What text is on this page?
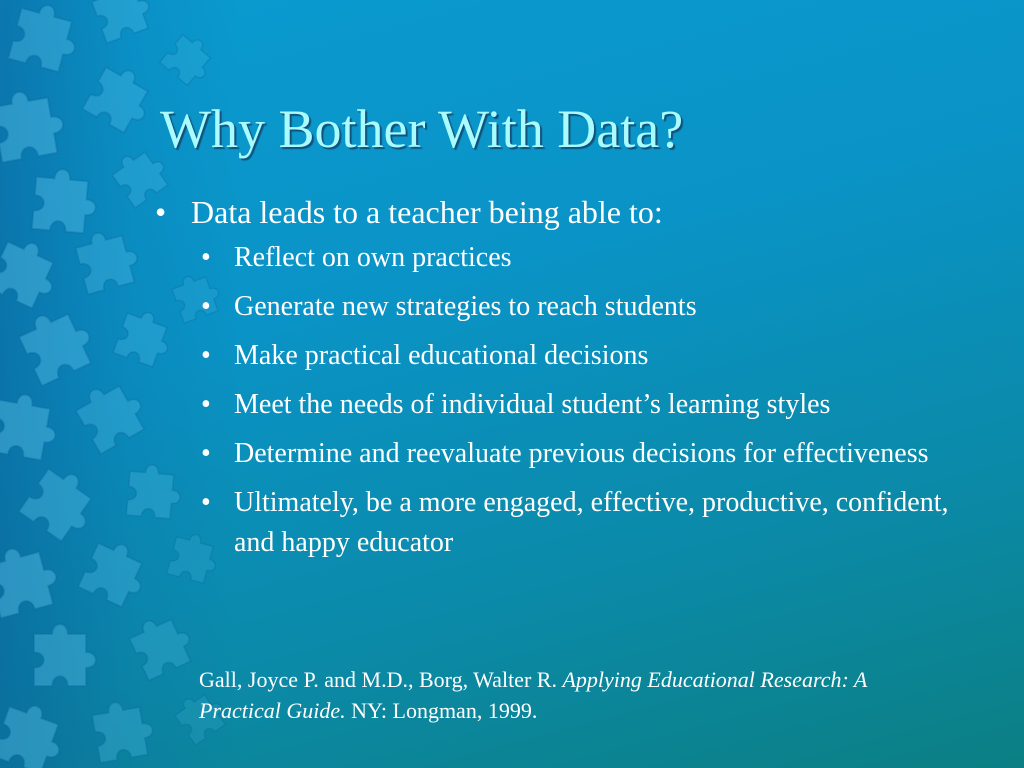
Why Bother With Data?
• Data leads to a teacher being able to:
• Reflect on own practices
• Generate new strategies to reach students
• Make practical educational decisions
• Meet the needs of individual student’s learning styles
• Determine and reevaluate previous decisions for effectiveness
• Ultimately, be a more engaged, effective, productive, confident, and happy educator
Gall, Joyce P. and M.D., Borg, Walter R. Applying Educational Research: A Practical Guide. NY: Longman, 1999.
